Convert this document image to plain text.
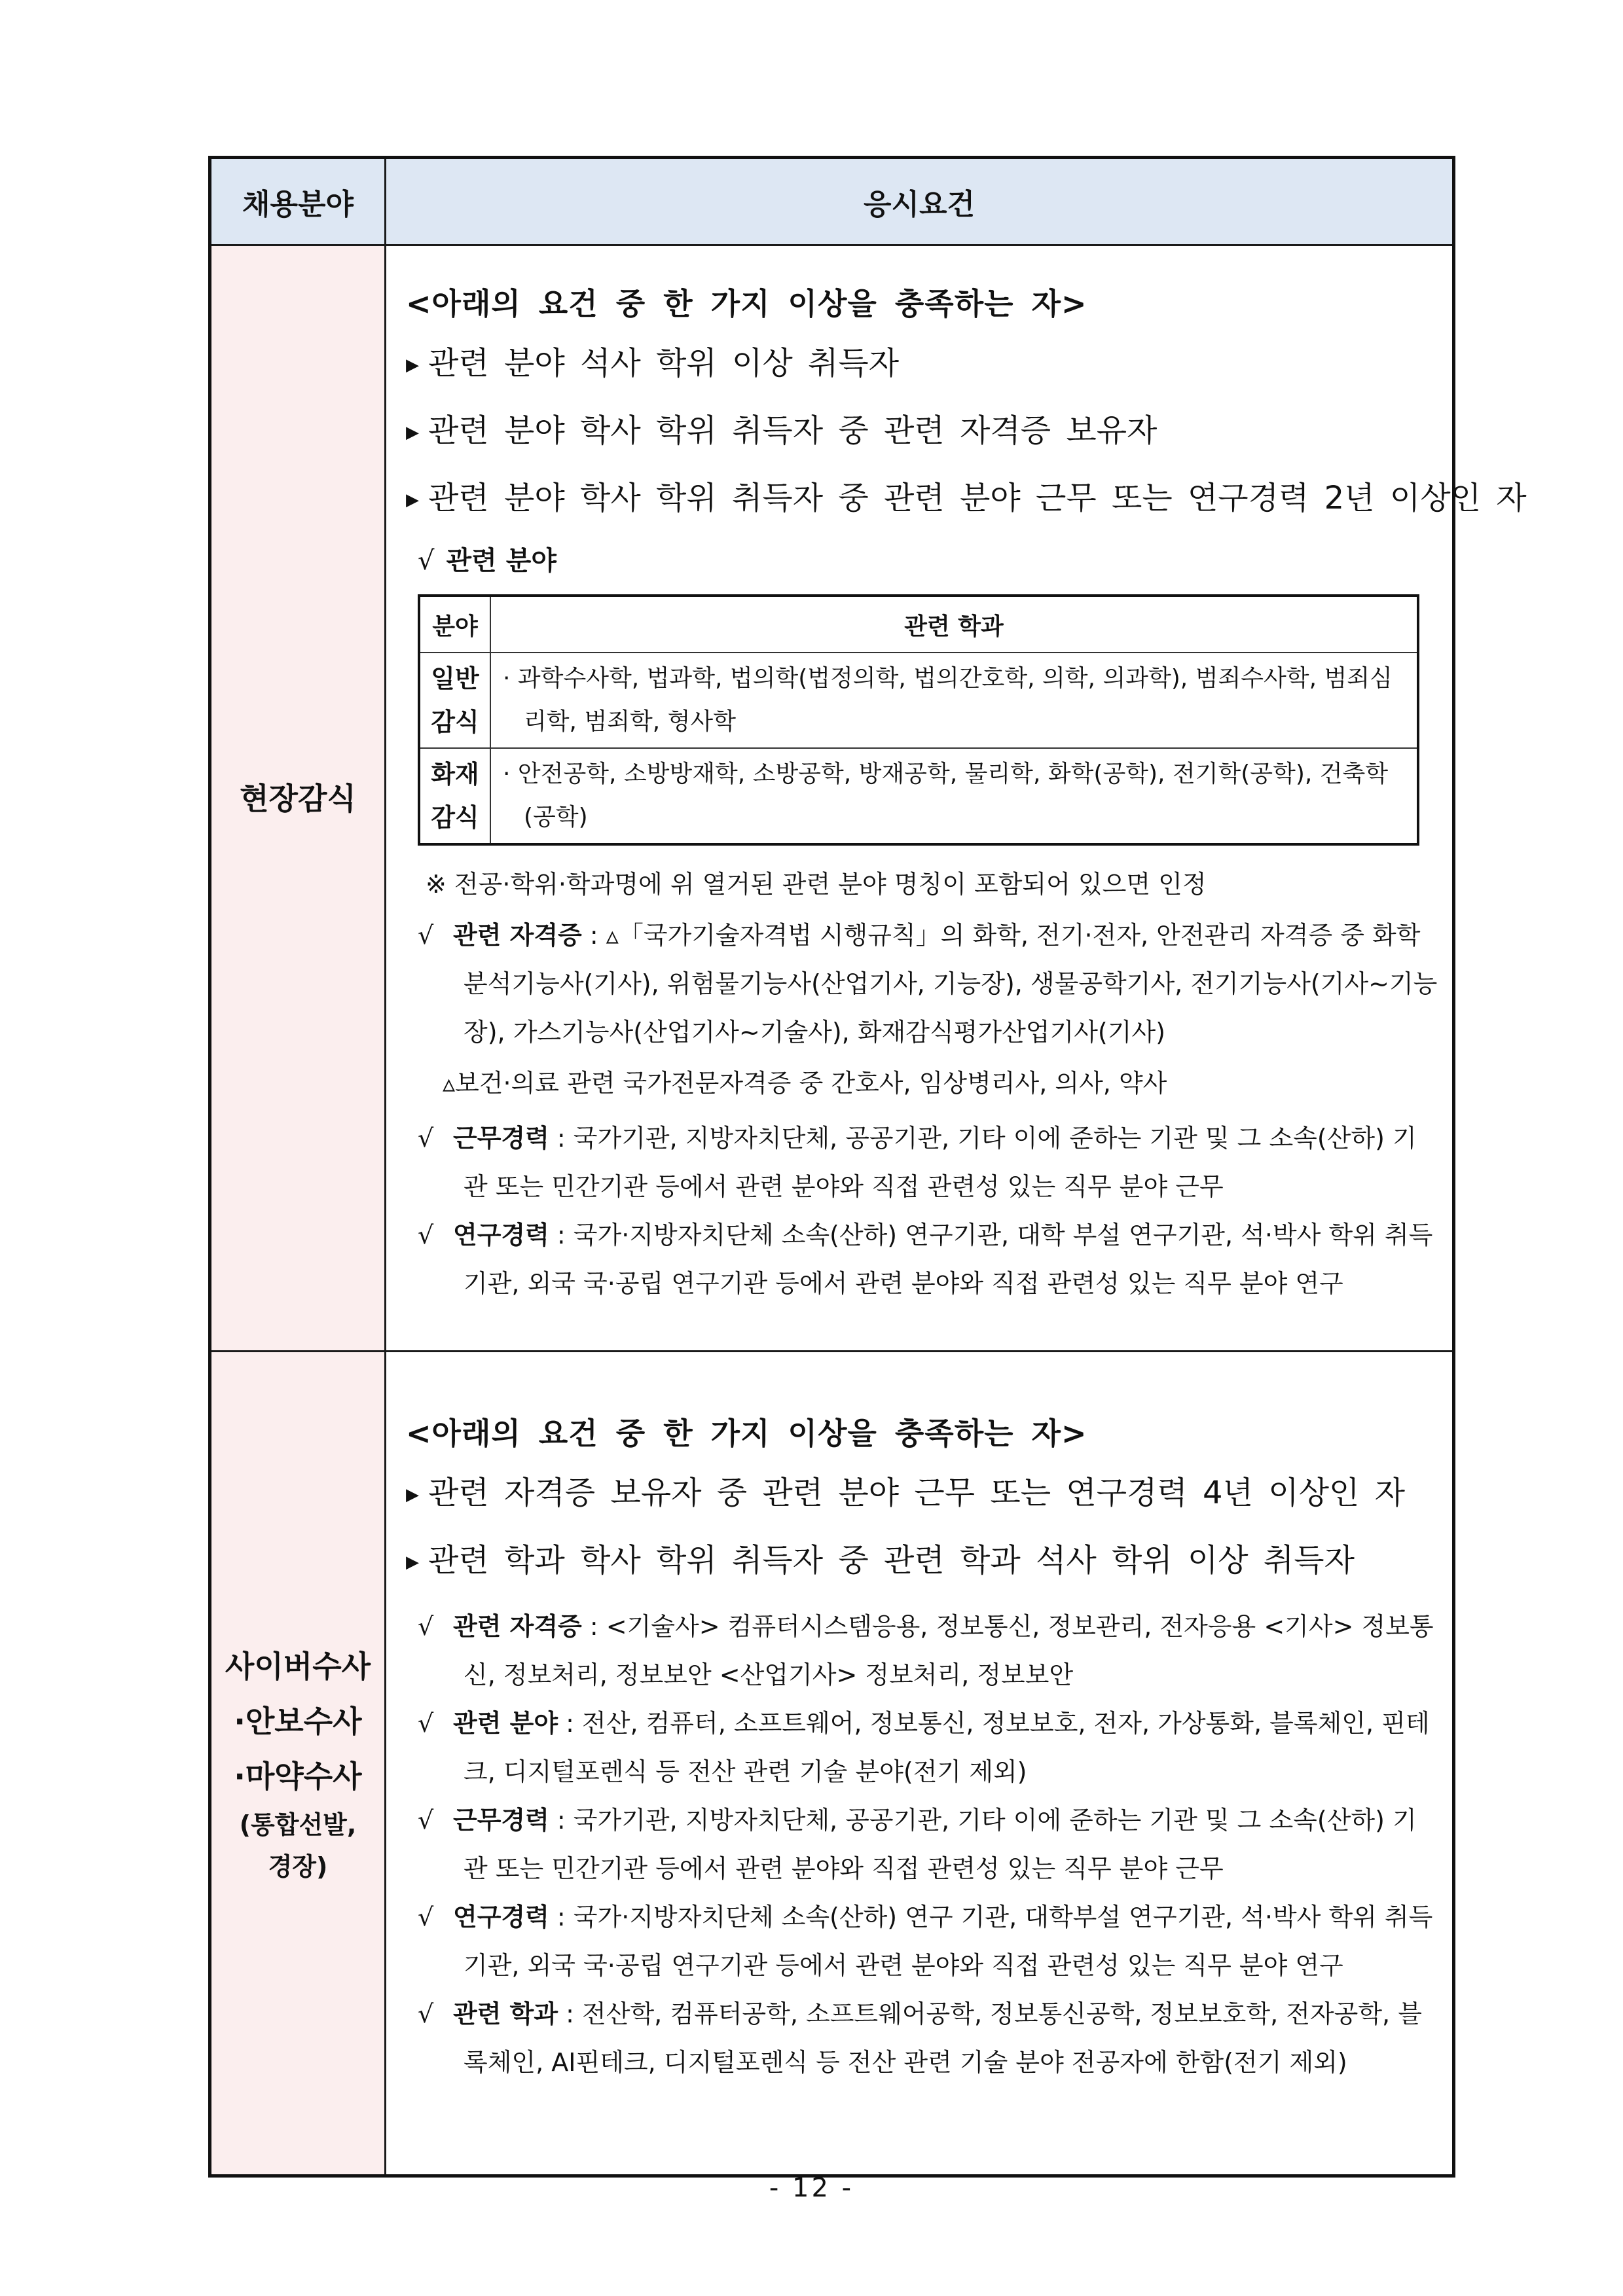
채용분야	응시요건
현장감식	
<아래의 요건 중 한 가지 이상을 충족하는 자>
▶ 관련 분야 석사 학위 이상 취득자
▶ 관련 분야 학사 학위 취득자 중 관련 자격증 보유자
▶ 관련 분야 학사 학위 취득자 중 관련 분야 근무 또는 연구경력 2년 이상인 자
√ 관련 분야
분야	관련 학과
일반
감식	· 과학수사학, 법과학, 법의학(법정의학, 법의간호학, 의학, 의과학), 범죄수사학, 범죄심리학, 범죄학, 형사학
화재
감식	· 안전공학, 소방방재학, 소방공학, 방재공학, 물리학, 화학(공학), 전기학(공학), 건축학(공학)
※ 전공·학위·학과명에 위 열거된 관련 분야 명칭이 포함되어 있으면 인정

√ 관련 자격증 : ▵「국가기술자격법 시행규칙」의 화학, 전기·전자, 안전관리 자격증 중 화학분석기능사(기사), 위험물기능사(산업기사, 기능장), 생물공학기사, 전기기능사(기사~기능장), 가스기능사(산업기사~기술사), 화재감식평가산업기사(기사)

▵보건·의료 관련 국가전문자격증 중 간호사, 임상병리사, 의사, 약사

√ 근무경력 : 국가기관, 지방자치단체, 공공기관, 기타 이에 준하는 기관 및 그 소속(산하) 기관 또는 민간기관 등에서 관련 분야와 직접 관련성 있는 직무 분야 근무

√ 연구경력 : 국가·지방자치단체 소속(산하) 연구기관, 대학 부설 연구기관, 석·박사 학위 취득기관, 외국 국·공립 연구기관 등에서 관련 분야와 직접 관련성 있는 직무 분야 연구

사이버수사
·안보수사
·마약수사
(통합선발,
경장)

<아래의 요건 중 한 가지 이상을 충족하는 자>
▶ 관련 자격증 보유자 중 관련 분야 근무 또는 연구경력 4년 이상인 자
▶ 관련 학과 학사 학위 취득자 중 관련 학과 석사 학위 이상 취득자

√ 관련 자격증 : <기술사> 컴퓨터시스템응용, 정보통신, 정보관리, 전자응용 <기사> 정보통신, 정보처리, 정보보안 <산업기사> 정보처리, 정보보안

√ 관련 분야 : 전산, 컴퓨터, 소프트웨어, 정보통신, 정보보호, 전자, 가상통화, 블록체인, 핀테크, 디지털포렌식 등 전산 관련 기술 분야(전기 제외)

√ 근무경력 : 국가기관, 지방자치단체, 공공기관, 기타 이에 준하는 기관 및 그 소속(산하) 기관 또는 민간기관 등에서 관련 분야와 직접 관련성 있는 직무 분야 근무

√ 연구경력 : 국가·지방자치단체 소속(산하) 연구 기관, 대학부설 연구기관, 석·박사 학위 취득기관, 외국 국·공립 연구기관 등에서 관련 분야와 직접 관련성 있는 직무 분야 연구

√ 관련 학과 : 전산학, 컴퓨터공학, 소프트웨어공학, 정보통신공학, 정보보호학, 전자공학, 블록체인, AI핀테크, 디지털포렌식 등 전산 관련 기술 분야 전공자에 한함(전기 제외)

- 12 -
